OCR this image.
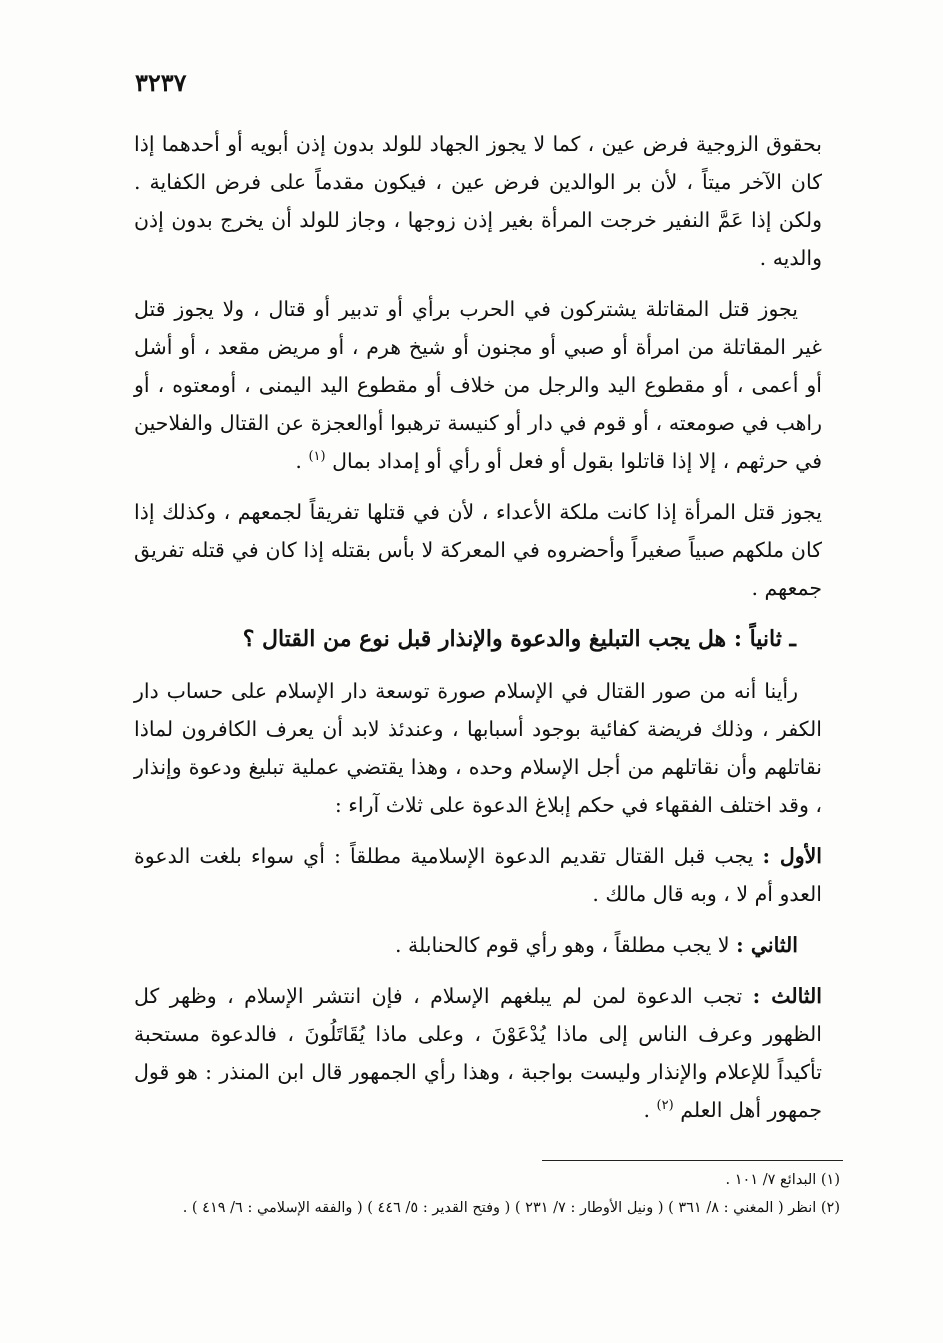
٣٢٣٧

بحقوق الزوجية فرض عين ، كما لا يجوز الجهاد للولد بدون إذن أبويه أو أحدهما إذا كان الآخر ميتاً ، لأن بر الوالدين فرض عين ، فيكون مقدماً على فرض الكفاية . ولكن إذا عَمَّ النفير خرجت المرأة بغير إذن زوجها ، وجاز للولد أن يخرج بدون إذن والديه .

يجوز قتل المقاتلة يشتركون في الحرب برأي أو تدبير أو قتال ، ولا يجوز قتل غير المقاتلة من امرأة أو صبي أو مجنون أو شيخ هرم ، أو مريض مقعد ، أو أشل أو أعمى ، أو مقطوع اليد والرجل من خلاف أو مقطوع اليد اليمنى ، أومعتوه ، أو راهب في صومعته ، أو قوم في دار أو كنيسة ترهبوا أوالعجزة عن القتال والفلاحين في حرثهم ، إلا إذا قاتلوا بقول أو فعل أو رأي أو إمداد بمال $^{(١)}$ .

يجوز قتل المرأة إذا كانت ملكة الأعداء ، لأن في قتلها تفريقاً لجمعهم ، وكذلك إذا كان ملكهم صبياً صغيراً وأحضروه في المعركة لا بأس بقتله إذا كان في قتله تفريق جمعهم .

ـ ثانياً : هل يجب التبليغ والدعوة والإنذار قبل نوع من القتال ؟

رأينا أنه من صور القتال في الإسلام صورة توسعة دار الإسلام على حساب دار الكفر ، وذلك فريضة كفائية بوجود أسبابها ، وعندئذ لابد أن يعرف الكافرون لماذا نقاتلهم وأن نقاتلهم من أجل الإسلام وحده ، وهذا يقتضي عملية تبليغ ودعوة وإنذار ، وقد اختلف الفقهاء في حكم إبلاغ الدعوة على ثلاث آراء :

الأول : يجب قبل القتال تقديم الدعوة الإسلامية مطلقاً : أي سواء بلغت الدعوة العدو أم لا ، وبه قال مالك .

الثاني : لا يجب مطلقاً ، وهو رأي قوم كالحنابلة .

الثالث : تجب الدعوة لمن لم يبلغهم الإسلام ، فإن انتشر الإسلام ، وظهر كل الظهور وعرف الناس إلى ماذا يُدْعَوْنَ ، وعلى ماذا يُقَاتَلُونَ ، فالدعوة مستحبة تأكيداً للإعلام والإنذار وليست بواجبة ، وهذا رأي الجمهور قال ابن المنذر : هو قول جمهور أهل العلم $^{(٢)}$ .

(١) البدائع ٧/ ١٠١ .
(٢) انظر ( المغني : ٨/ ٣٦١ ) ( ونيل الأوطار : ٧/ ٢٣١ ) ( وفتح القدير : ٥/ ٤٤٦ ) ( والفقه الإسلامي : ٦/ ٤١٩ ) .
